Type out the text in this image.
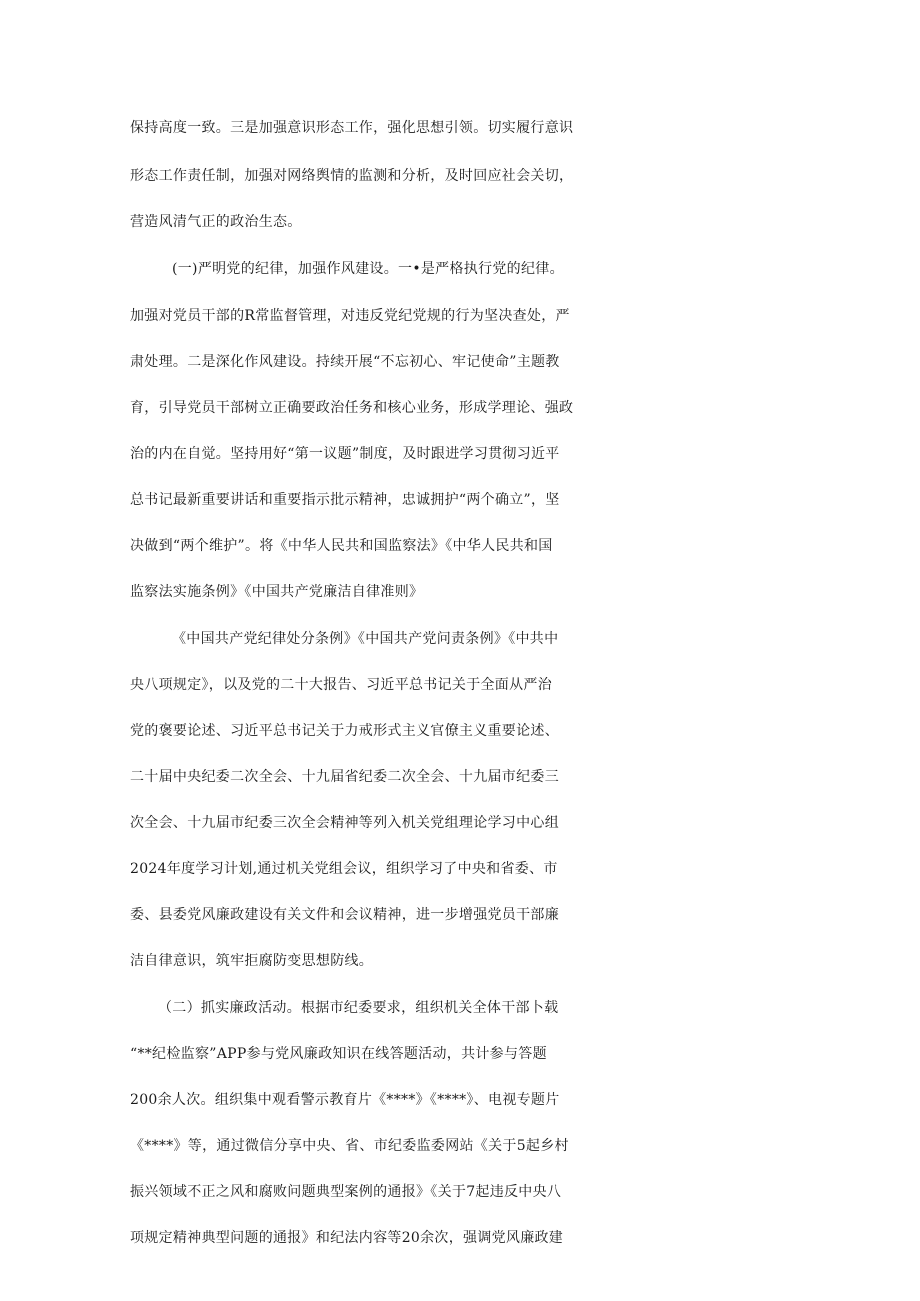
保持高度一致。三是加强意识形态工作，强化思想引领。切实履行意识
形态工作责任制，加强对网络舆情的监测和分析，及时回应社会关切，
营造风清气正的政治生态。
(一)严明党的纪律，加强作风建设。一•是严格执行党的纪律。
加强对党员干部的R常监督管理，对违反党纪党规的行为坚决查处，严
肃处理。二是深化作风建设。持续开展“不忘初心、牢记使命”主题教
育，引导党员干部树立正确要政治任务和核心业务，形成学理论、强政
治的内在自觉。坚持用好“第一议题”制度，及时跟进学习贯彻习近平
总书记最新重要讲话和重要指示批示精神，忠诚拥护“两个确立”，坚
决做到“两个维护”。将《中华人民共和国监察法》《中华人民共和国
监察法实施条例》《中国共产党廉洁自律准则》
《中国共产党纪律处分条例》《中国共产党问责条例》《中共中
央八项规定》，以及党的二十大报告、习近平总书记关于全面从严治
党的褒要论述、习近平总书记关于力戒形式主义官僚主义重要论述、
二十届中央纪委二次全会、十九届省纪委二次全会、十九届市纪委三
次全会、十九届市纪委三次全会精神等列入机关党组理论学习中心组
2024年度学习计划,通过机关党组会议，组织学习了中央和省委、市
委、县委党风廉政建设有关文件和会议精神，进一步增强党员干部廉
洁自律意识，筑牢拒腐防变思想防线。
（二）抓实廉政活动。根据市纪委要求，组织机关全体干部卜载
“**纪检监察”APP参与党风廉政知识在线答题活动，共计参与答题
200余人次。组织集中观看警示教育片《****》《****》、电视专题片
《****》等，通过微信分享中央、省、市纪委监委网站《关于5起乡村
振兴领域不正之风和腐败问题典型案例的通报》《关于7起违反中央八
项规定精神典型问题的通报》和纪法内容等20余次，强调党风廉政建
